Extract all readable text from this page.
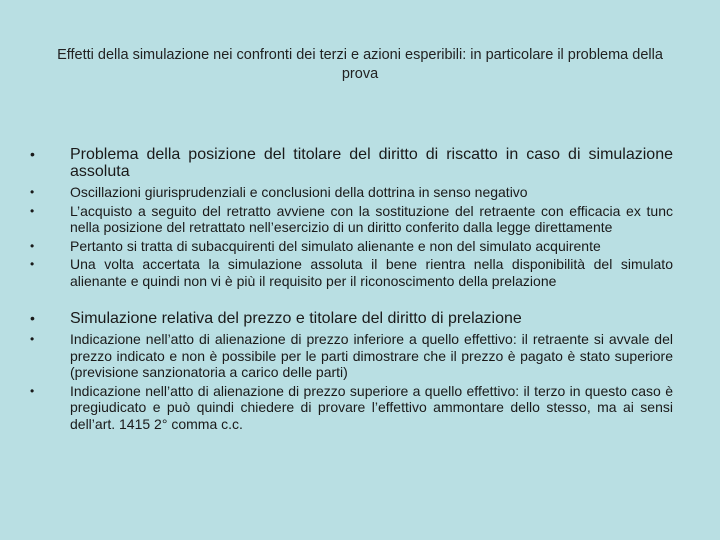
Effetti della simulazione nei confronti dei terzi e azioni esperibili: in particolare il problema della prova
•	Problema della posizione del titolare del diritto di riscatto in caso di simulazione assoluta
•	Oscillazioni giurisprudenziali e conclusioni della dottrina in senso negativo
•	L’acquisto a seguito del retratto avviene con la sostituzione del retraente con efficacia ex tunc nella posizione del retrattato nell’esercizio di un diritto conferito dalla legge direttamente
•	Pertanto si tratta di subacquirenti del simulato alienante e non del simulato acquirente
•	Una volta accertata la simulazione assoluta il bene rientra nella disponibilità del simulato alienante e quindi non vi è più il requisito per il riconoscimento della prelazione
•	Simulazione relativa del prezzo e titolare del diritto di prelazione
•	Indicazione nell’atto di alienazione di prezzo inferiore a quello effettivo: il retraente si avvale del prezzo indicato e non è possibile per le parti dimostrare che il prezzo è pagato è stato superiore (previsione sanzionatoria a carico delle parti)
•	Indicazione nell’atto di alienazione di prezzo superiore a quello effettivo: il terzo in questo caso è pregiudicato e può quindi chiedere di provare l’effettivo ammontare dello stesso, ma ai sensi dell’art. 1415 2° comma c.c.
